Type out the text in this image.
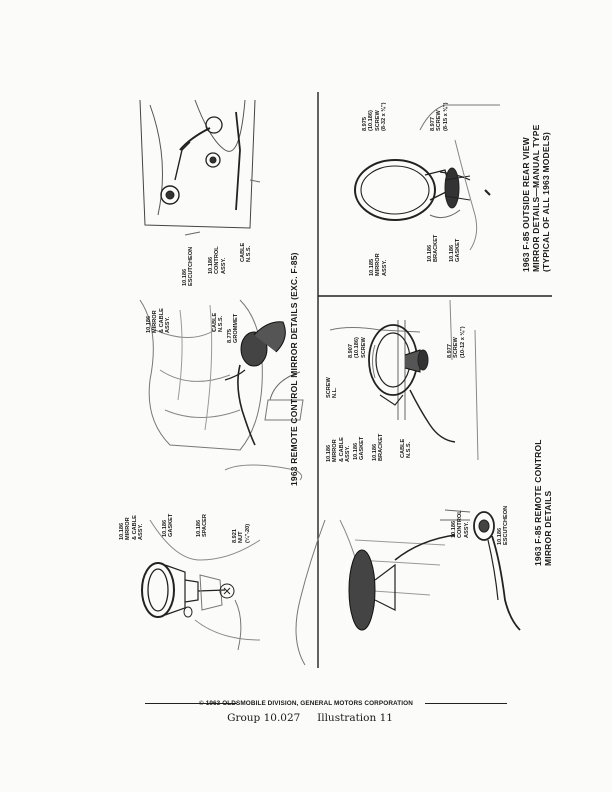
1963 REMOTE CONTROL MIRROR DETAILS (EXC. F-85)
1963 F-85 OUTSIDE REAR VIEW MIRROR DETAILS—MANUAL TYPE (TYPICAL OF ALL 1963 MODELS)
1963 F-85 REMOTE CONTROL MIRROR DETAILS
10.186 ESCUTCHEON 10.186 CONTROL ASSY.
CABLE N.S.S.
10.186 MIRROR & CABLE ASSY.	CABLE N.S.S.
8.775 GROMMET
10.186 MIRROR & CABLE ASSY.	10.186 GASKET	10.186 SPACER	8.921 NUT (¼"-20)
SCREW N.L.
10.186 MIRROR & CABLE ASSY. 10.186 GASKET 10.186 BRACKET	CABLE N.S.S.
8.907 (10.186) SCREW	8.977 SCREW (10-12 x ⅜")
10.186 BRACKET 10.186 GASKET
10.185 MIRROR ASSY.
8.975 (10.186) SCREW (8-32 x ⅜")	8.977 SCREW (8-15 x ⅜")
10.186 CONTROL ASSY.	10.186 ESCUTCHEON
© 1963 OLDSMOBILE DIVISION, GENERAL MOTORS CORPORATION
Group 10.027 Illustration 11
